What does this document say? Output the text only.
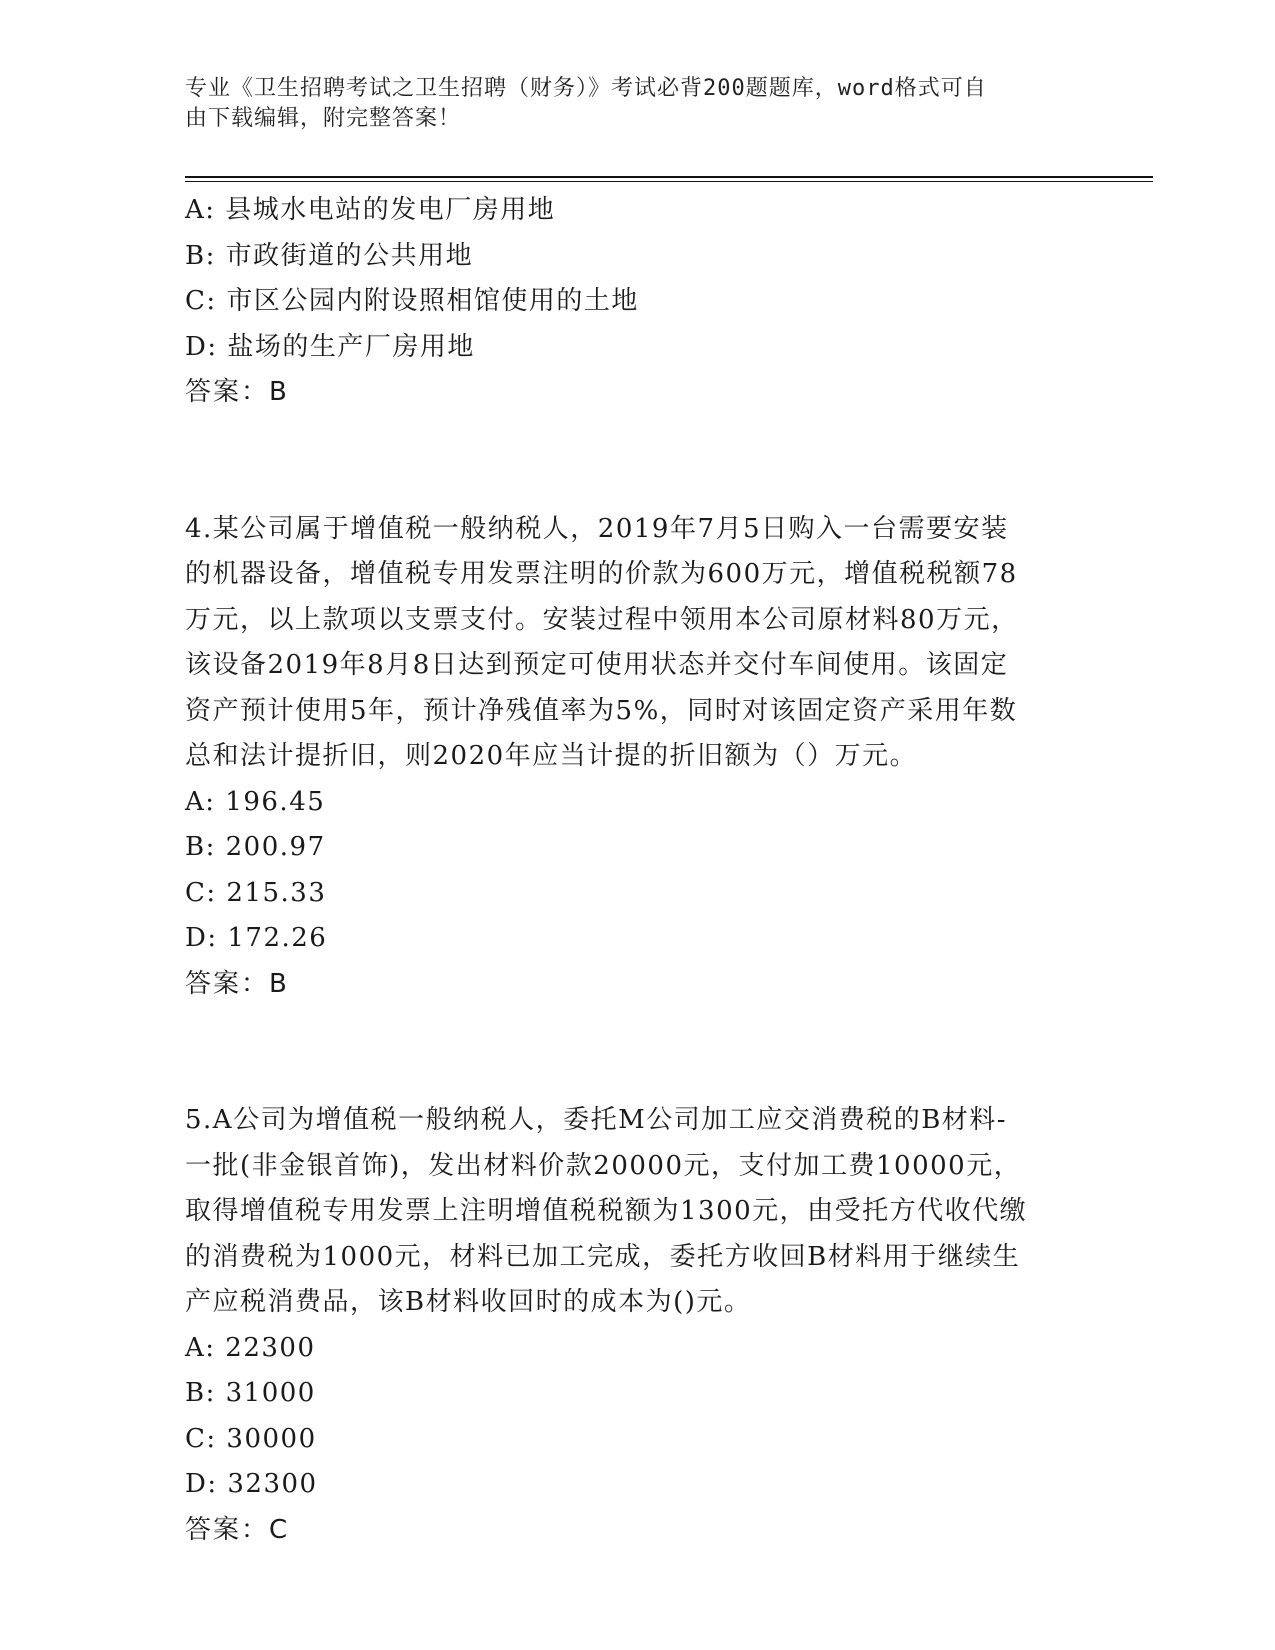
专业《卫生招聘考试之卫生招聘（财务）》考试必背200题题库，word格式可自
由下载编辑，附完整答案！
A: 县城水电站的发电厂房用地
B: 市政街道的公共用地
C: 市区公园内附设照相馆使用的土地
D: 盐场的生产厂房用地
答案：B
4.某公司属于增值税一般纳税人，2019年7月5日购入一台需要安装
的机器设备，增值税专用发票注明的价款为600万元，增值税税额78
万元，以上款项以支票支付。安装过程中领用本公司原材料80万元，
该设备2019年8月8日达到预定可使用状态并交付车间使用。该固定
资产预计使用5年，预计净残值率为5%，同时对该固定资产采用年数
总和法计提折旧，则2020年应当计提的折旧额为（）万元。
A: 196.45
B: 200.97
C: 215.33
D: 172.26
答案：B
5.A公司为增值税一般纳税人，委托M公司加工应交消费税的B材料-
一批(非金银首饰)，发出材料价款20000元，支付加工费10000元，
取得增值税专用发票上注明增值税税额为1300元，由受托方代收代缴
的消费税为1000元，材料已加工完成，委托方收回B材料用于继续生
产应税消费品，该B材料收回时的成本为()元。
A: 22300
B: 31000
C: 30000
D: 32300
答案：C
